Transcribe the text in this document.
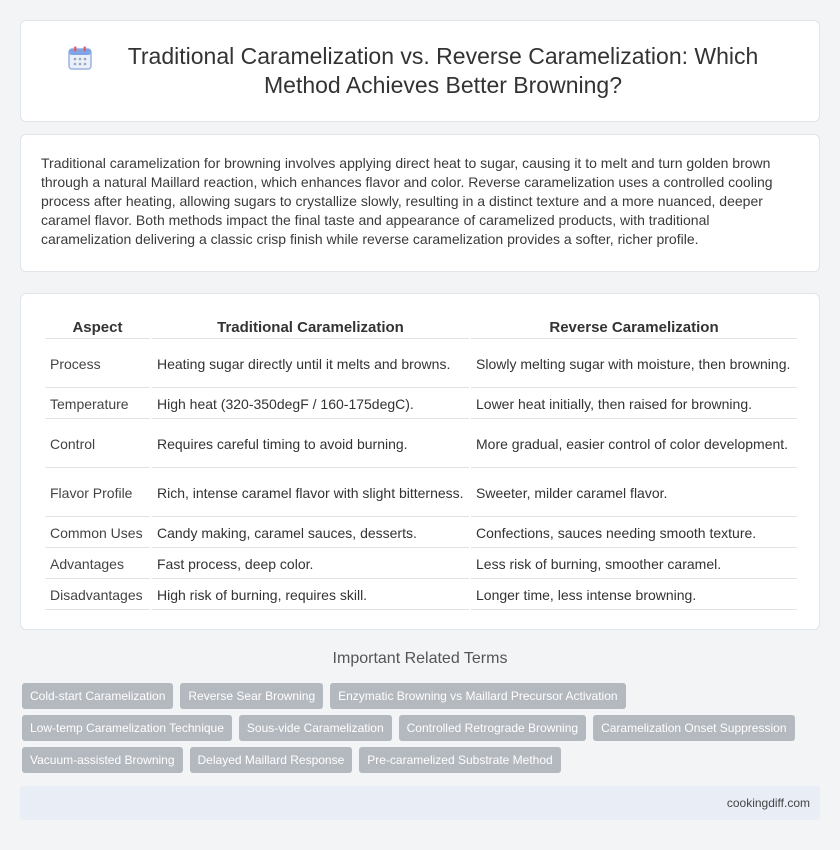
Traditional Caramelization vs. Reverse Caramelization: Which Method Achieves Better Browning?

Traditional caramelization for browning involves applying direct heat to sugar, causing it to melt and turn golden brown through a natural Maillard reaction, which enhances flavor and color. Reverse caramelization uses a controlled cooling process after heating, allowing sugars to crystallize slowly, resulting in a distinct texture and a more nuanced, deeper caramel flavor. Both methods impact the final taste and appearance of caramelized products, with traditional caramelization delivering a classic crisp finish while reverse caramelization provides a softer, richer profile.

Aspect	Traditional Caramelization	Reverse Caramelization
Process	Heating sugar directly until it melts and browns.	Slowly melting sugar with moisture, then browning.
Temperature	High heat (320-350degF / 160-175degC).	Lower heat initially, then raised for browning.
Control	Requires careful timing to avoid burning.	More gradual, easier control of color development.
Flavor Profile	Rich, intense caramel flavor with slight bitterness.	Sweeter, milder caramel flavor.
Common Uses	Candy making, caramel sauces, desserts.	Confections, sauces needing smooth texture.
Advantages	Fast process, deep color.	Less risk of burning, smoother caramel.
Disadvantages	High risk of burning, requires skill.	Longer time, less intense browning.
Important Related Terms
Cold-start Caramelization	Reverse Sear Browning	Enzymatic Browning vs Maillard Precursor Activation
Low-temp Caramelization Technique	Sous-vide Caramelization	Controlled Retrograde Browning	Caramelization Onset Suppression
Vacuum-assisted Browning	Delayed Maillard Response	Pre-caramelized Substrate Method
cookingdiff.com
